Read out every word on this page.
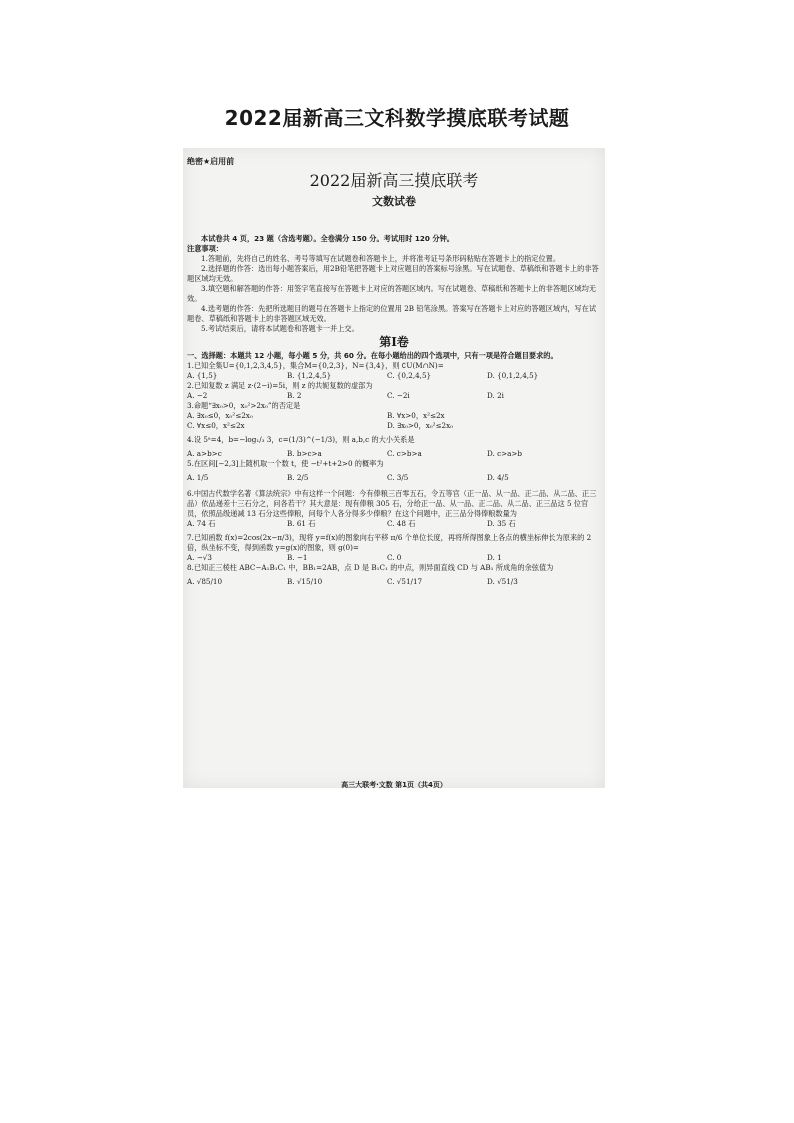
2022届新高三文科数学摸底联考试题
绝密★启用前
2022届新高三摸底联考
文数试卷

本试卷共 4 页，23 题（含选考题）。全卷满分 150 分。考试用时 120 分钟。

注意事项：

1.答题前，先将自己的姓名、考号等填写在试题卷和答题卡上，并将准考证号条形码粘贴在答题卡上的指定位置。

2.选择题的作答：选出每小题答案后，用2B铅笔把答题卡上对应题目的答案标号涂黑。写在试题卷、草稿纸和答题卡上的非答题区域均无效。

3.填空题和解答题的作答：用签字笔直接写在答题卡上对应的答题区域内。写在试题卷、草稿纸和答题卡上的非答题区域均无效。

4.选考题的作答：先把所选题目的题号在答题卡上指定的位置用 2B 铅笔涂黑。答案写在答题卡上对应的答题区域内，写在试题卷、草稿纸和答题卡上的非答题区域无效。

5.考试结束后，请将本试题卷和答题卡一并上交。

第Ⅰ卷

一、选择题：本题共 12 小题，每小题 5 分，共 60 分。在每小题给出的四个选项中，只有一项是符合题目要求的。

1.已知全集U={0,1,2,3,4,5}，集合M={0,2,3}，N={3,4}，则 ∁U(M∩N)=

A. {1,5}	B. {1,2,4,5}	C. {0,2,4,5}	D. {0,1,2,4,5}

2.已知复数 z 满足 z·(2−i)=5i，则 z 的共轭复数的虚部为

A. −2	B. 2	C. −2i	D. 2i

3.命题“∃x₀>0，x₀²>2x₀”的否定是

A. ∃x₀≤0，x₀²≤2x₀	B. ∀x>0，x²≤2x
C. ∀x≤0，x²≤2x	D. ∃x₀>0，x₀²≤2x₀

4.设 5ᵃ=4，b=−log₁/₃ 3，c=(1/3)^(−1/3)，则 a,b,c 的大小关系是

A. a>b>c	B. b>c>a	C. c>b>a	D. c>a>b

5.在区间[−2,3]上随机取一个数 t，使 −t²+t+2>0 的概率为

A. 1/5	B. 2/5	C. 3/5	D. 4/5

6.中国古代数学名著《算法统宗》中有这样一个问题：今有俸粮三百零五石，令五等官（正一品、从一品、正二品、从二品、正三品）依品递差十三石分之，问各若干？其大意是：现有俸粮 305 石，分给正一品、从一品、正二品、从二品、正三品这 5 位官员，依照品级递减 13 石分这些俸粮，问每个人各分得多少俸粮？在这个问题中，正三品分得俸粮数量为

A. 74 石	B. 61 石	C. 48 石	D. 35 石

7.已知函数 f(x)=2cos(2x−π/3)，现将 y=f(x)的图象向右平移 π/6 个单位长度，再将所得图象上各点的横坐标伸长为原来的 2 倍，纵坐标不变，得到函数 y=g(x)的图象，则 g(0)=

A. −√3	B. −1	C. 0	D. 1

8.已知正三棱柱 ABC−A₁B₁C₁ 中，BB₁=2AB，点 D 是 B₁C₁ 的中点，则异面直线 CD 与 AB₁ 所成角的余弦值为

A. √85/10	B. √15/10	C. √51/17	D. √51/3
高三大联考·文数 第1页（共4页）
